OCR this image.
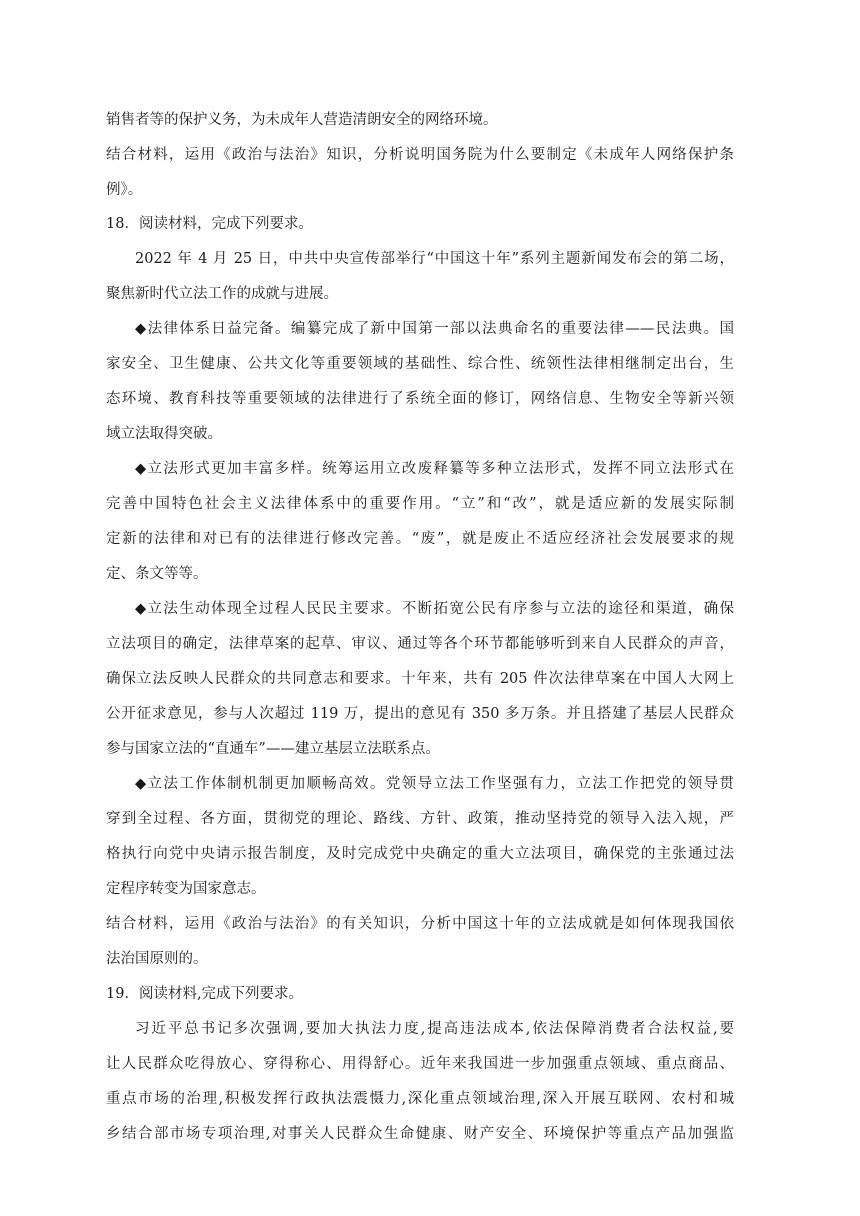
销售者等的保护义务，为未成年人营造清朗安全的网络环境。
结合材料，运用《政治与法治》知识，分析说明国务院为什么要制定《未成年人网络保护条
例》。
18．阅读材料，完成下列要求。
2022 年 4 月 25 日，中共中央宣传部举行“中国这十年”系列主题新闻发布会的第二场，
聚焦新时代立法工作的成就与进展。
◆法律体系日益完备。编纂完成了新中国第一部以法典命名的重要法律——民法典。国
家安全、卫生健康、公共文化等重要领域的基础性、综合性、统领性法律相继制定出台，生
态环境、教育科技等重要领域的法律进行了系统全面的修订，网络信息、生物安全等新兴领
域立法取得突破。
◆立法形式更加丰富多样。统筹运用立改废释纂等多种立法形式，发挥不同立法形式在
完善中国特色社会主义法律体系中的重要作用。“立”和“改”，就是适应新的发展实际制
定新的法律和对已有的法律进行修改完善。“废”，就是废止不适应经济社会发展要求的规
定、条文等等。
◆立法生动体现全过程人民民主要求。不断拓宽公民有序参与立法的途径和渠道，确保
立法项目的确定，法律草案的起草、审议、通过等各个环节都能够听到来自人民群众的声音，
确保立法反映人民群众的共同意志和要求。十年来，共有 205 件次法律草案在中国人大网上
公开征求意见，参与人次超过 119 万，提出的意见有 350 多万条。并且搭建了基层人民群众
参与国家立法的“直通车”——建立基层立法联系点。
◆立法工作体制机制更加顺畅高效。党领导立法工作坚强有力，立法工作把党的领导贯
穿到全过程、各方面，贯彻党的理论、路线、方针、政策，推动坚持党的领导入法入规，严
格执行向党中央请示报告制度，及时完成党中央确定的重大立法项目，确保党的主张通过法
定程序转变为国家意志。
结合材料，运用《政治与法治》的有关知识，分析中国这十年的立法成就是如何体现我国依
法治国原则的。
19．阅读材料,完成下列要求。
习近平总书记多次强调,要加大执法力度,提高违法成本,依法保障消费者合法权益,要
让人民群众吃得放心、穿得称心、用得舒心。近年来我国进一步加强重点领域、重点商品、
重点市场的治理,积极发挥行政执法震慑力,深化重点领域治理,深入开展互联网、农村和城
乡结合部市场专项治理,对事关人民群众生命健康、财产安全、环境保护等重点产品加强监
